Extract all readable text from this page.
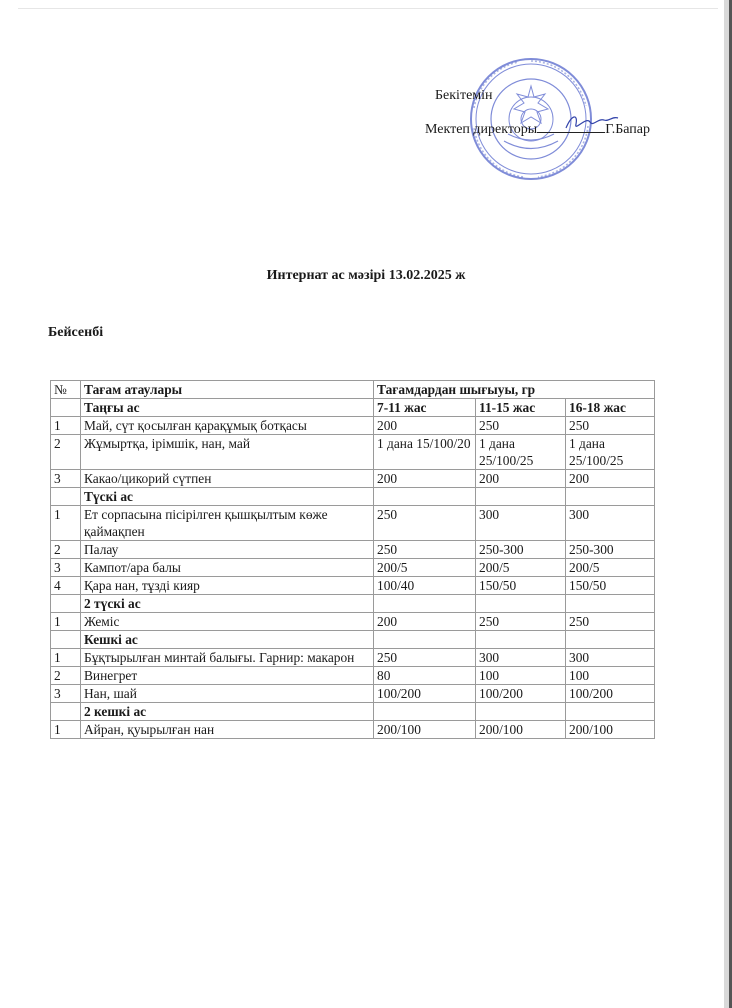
Бекітемін
Мектеп директоры	Г.Бапар
Интернат ас мәзірі 13.02.2025 ж
Бейсенбі
№	Тағам атаулары	Тағамдардан шығыуы, гр		
	Таңғы ас	7-11 жас	11-15 жас	16-18 жас
1	Май, сүт қосылған қарақұмық ботқасы	200	250	250
2	Жұмыртқа, ірімшік, нан, май	1 дана 15/100/20	1 дана 25/100/25	1 дана 25/100/25
3	Какао/цикорий сүтпен	200	200	200
	Түскі ас			
1	Ет сорпасына пісірілген қышқылтым көже қаймақпен	250	300	300
2	Палау	250	250-300	250-300
3	Кампот/ара балы	200/5	200/5	200/5
4	Қара нан, тұзді кияр	100/40	150/50	150/50
	2 түскі ас			
1	Жеміс	200	250	250
	Кешкі ас			
1	Бұқтырылған минтай балығы. Гарнир: макарон	250	300	300
2	Винегрет	80	100	100
3	Нан, шай	100/200	100/200	100/200
	2 кешкі ас			
1	Айран, қуырылған нан	200/100	200/100	200/100
